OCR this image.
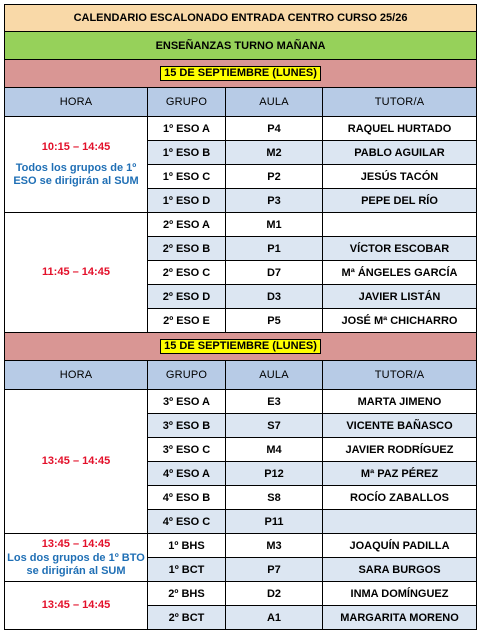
CALENDARIO ESCALONADO ENTRADA CENTRO CURSO 25/26			
ENSEÑANZAS TURNO MAÑANA			
15 DE SEPTIEMBRE (LUNES)			
HORA	GRUPO	AULA	TUTOR/A

10:15 – 14:45
Todos los grupos de 1º ESO se dirigirán al SUM	1º ESO A	P4	RAQUEL HURTADO
	1º ESO B	M2	PABLO AGUILAR
	1º ESO C	P2	JESÚS TACÓN
	1º ESO D	P3	PEPE DEL RÍO

11:45 – 14:45	2º ESO A	M1	
	2º ESO B	P1	VÍCTOR ESCOBAR
	2º ESO C	D7	Mª ÁNGELES GARCÍA
	2º ESO D	D3	JAVIER LISTÁN
	2º ESO E	P5	JOSÉ Mª CHICHARRO
15 DE SEPTIEMBRE (LUNES)			
HORA	GRUPO	AULA	TUTOR/A

13:45 – 14:45	3º ESO A	E3	MARTA JIMENO
	3º ESO B	S7	VICENTE BAÑASCO
	3º ESO C	M4	JAVIER RODRÍGUEZ
	4º ESO A	P12	Mª PAZ PÉREZ
	4º ESO B	S8	ROCÍO ZABALLOS
	4º ESO C	P11	

13:45 – 14:45
Los dos grupos de 1º BTO se dirigirán al SUM	1º BHS	M3	JOAQUÍN PADILLA
	1º BCT	P7	SARA BURGOS

13:45 – 14:45	2º BHS	D2	INMA DOMÍNGUEZ
	2º BCT	A1	MARGARITA MORENO
